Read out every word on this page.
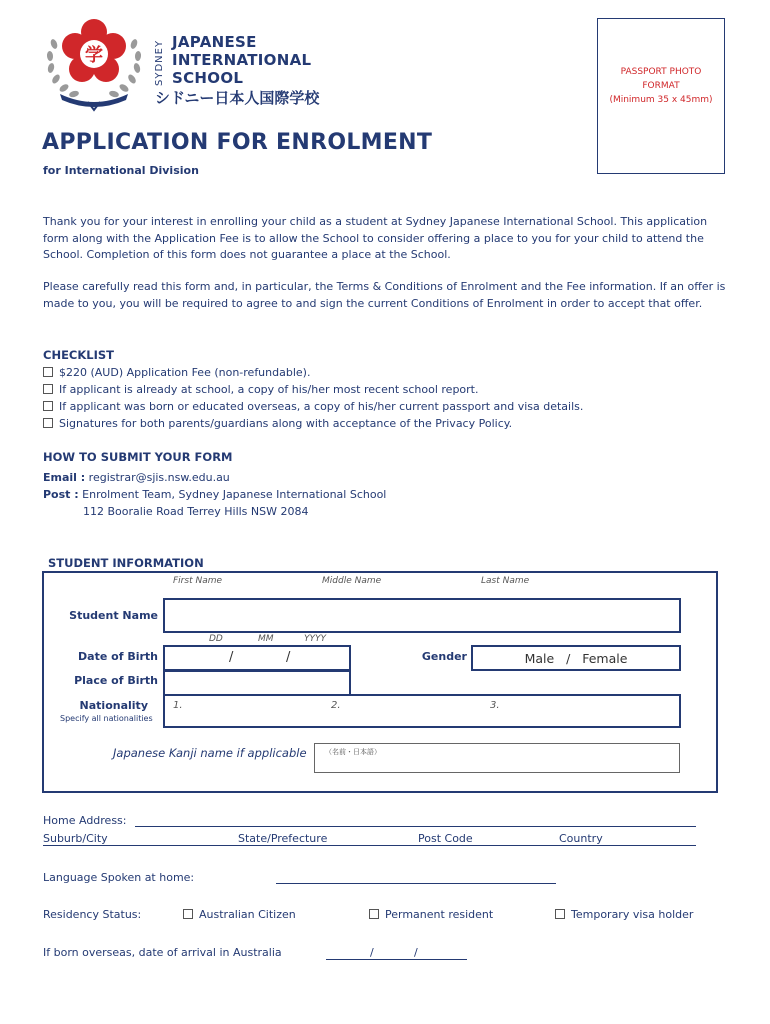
学	SYDNEY JAPANESE
INTERNATIONAL
SCHOOL
シドニー日本人国際学校
PASSPORT PHOTO
FORMAT
(Minimum 35 x 45mm)
APPLICATION FOR ENROLMENT
for International Division
Thank you for your interest in enrolling your child as a student at Sydney Japanese International School. This application form along with the Application Fee is to allow the School to consider offering a place to you for your child to attend the School. Completion of this form does not guarantee a place at the School.
Please carefully read this form and, in particular, the Terms & Conditions of Enrolment and the Fee information. If an offer is made to you, you will be required to agree to and sign the current Conditions of Enrolment in order to accept that offer.
CHECKLIST
$220 (AUD) Application Fee (non-refundable).
If applicant is already at school, a copy of his/her most recent school report.
If applicant was born or educated overseas, a copy of his/her current passport and visa details.
Signatures for both parents/guardians along with acceptance of the Privacy Policy.
HOW TO SUBMIT YOUR FORM
Email : registrar@sjis.nsw.edu.au
Post : Enrolment Team, Sydney Japanese International School
112 Booralie Road Terrey Hills NSW 2084
STUDENT INFORMATION
First Name	Middle Name	Last Name
Student Name
DD	MM	YYYY
Date of Birth	/	/	Gender	Male   /   Female
Place of Birth
Nationality
Specify all nationalities
1.	2.	3.
Japanese Kanji name if applicable	（名前・日本語）
Home Address:
Suburb/City	State/Prefecture	Post Code	Country
Language Spoken at home:
Residency Status:	Australian Citizen	Permanent resident	Temporary visa holder
If born overseas, date of arrival in Australia	/	/
